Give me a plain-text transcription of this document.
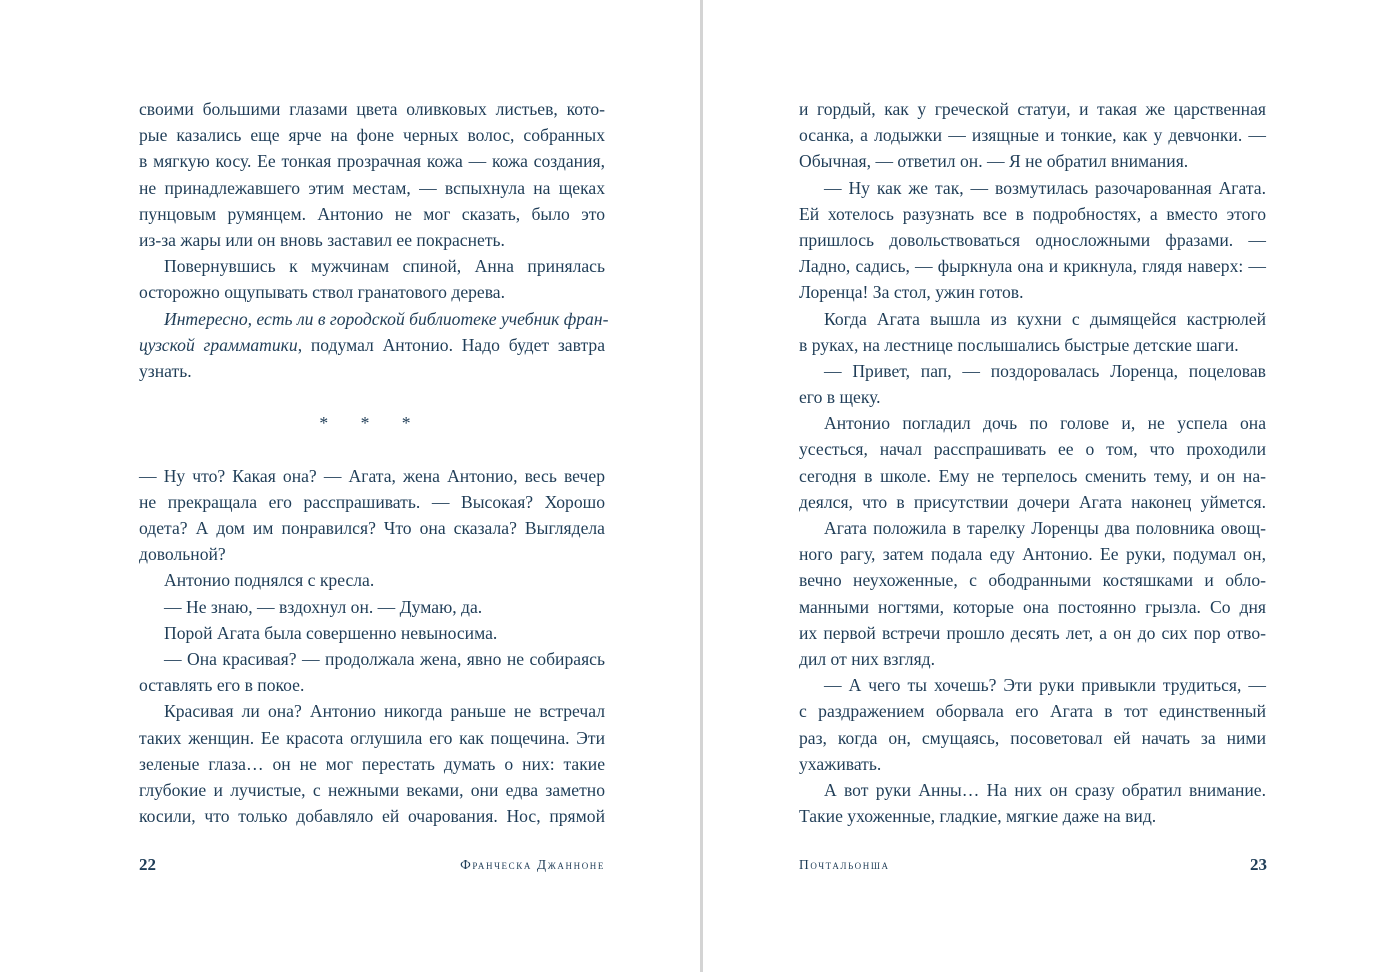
своими большими глазами цвета оливковых листьев, кото-
рые казались еще ярче на фоне черных волос, собранных
в мягкую косу. Ее тонкая прозрачная кожа — кожа создания,
не принадлежавшего этим местам, — вспыхнула на щеках
пунцовым румянцем. Антонио не мог сказать, было это
из-за жары или он вновь заставил ее покраснеть.
Повернувшись к мужчинам спиной, Анна принялась
осторожно ощупывать ствол гранатового дерева.
Интересно, есть ли в городской библиотеке учебник фран-
цузской грамматики, подумал Антонио. Надо будет завтра
узнать.
* * *
— Ну что? Какая она? — Агата, жена Антонио, весь вечер
не прекращала его расспрашивать. — Высокая? Хорошо
одета? А дом им понравился? Что она сказала? Выглядела
довольной?
Антонио поднялся с кресла.
— Не знаю, — вздохнул он. — Думаю, да.
Порой Агата была совершенно невыносима.
— Она красивая? — продолжала жена, явно не собираясь
оставлять его в покое.
Красивая ли она? Антонио никогда раньше не встречал
таких женщин. Ее красота оглушила его как пощечина. Эти
зеленые глаза… он не мог перестать думать о них: такие
глубокие и лучистые, с нежными веками, они едва заметно
косили, что только добавляло ей очарования. Нос, прямой
22	Франческа Джанноне
и гордый, как у греческой статуи, и такая же царственная
осанка, а лодыжки — изящные и тонкие, как у девчонки. —
Обычная, — ответил он. — Я не обратил внимания.
— Ну как же так, — возмутилась разочарованная Агата.
Ей хотелось разузнать все в подробностях, а вместо этого
пришлось довольствоваться односложными фразами. —
Ладно, садись, — фыркнула она и крикнула, глядя наверх: —
Лоренца! За стол, ужин готов.
Когда Агата вышла из кухни с дымящейся кастрюлей
в руках, на лестнице послышались быстрые детские шаги.
— Привет, пап, — поздоровалась Лоренца, поцеловав
его в щеку.
Антонио погладил дочь по голове и, не успела она
усесться, начал расспрашивать ее о том, что проходили
сегодня в школе. Ему не терпелось сменить тему, и он на-
деялся, что в присутствии дочери Агата наконец уймется.
Агата положила в тарелку Лоренцы два половника овощ-
ного рагу, затем подала еду Антонио. Ее руки, подумал он,
вечно неухоженные, с ободранными костяшками и обло-
манными ногтями, которые она постоянно грызла. Со дня
их первой встречи прошло десять лет, а он до сих пор отво-
дил от них взгляд.
— А чего ты хочешь? Эти руки привыкли трудиться, —
с раздражением оборвала его Агата в тот единственный
раз, когда он, смущаясь, посоветовал ей начать за ними
ухаживать.
А вот руки Анны… На них он сразу обратил внимание.
Такие ухоженные, гладкие, мягкие даже на вид.
Почтальонша	23
